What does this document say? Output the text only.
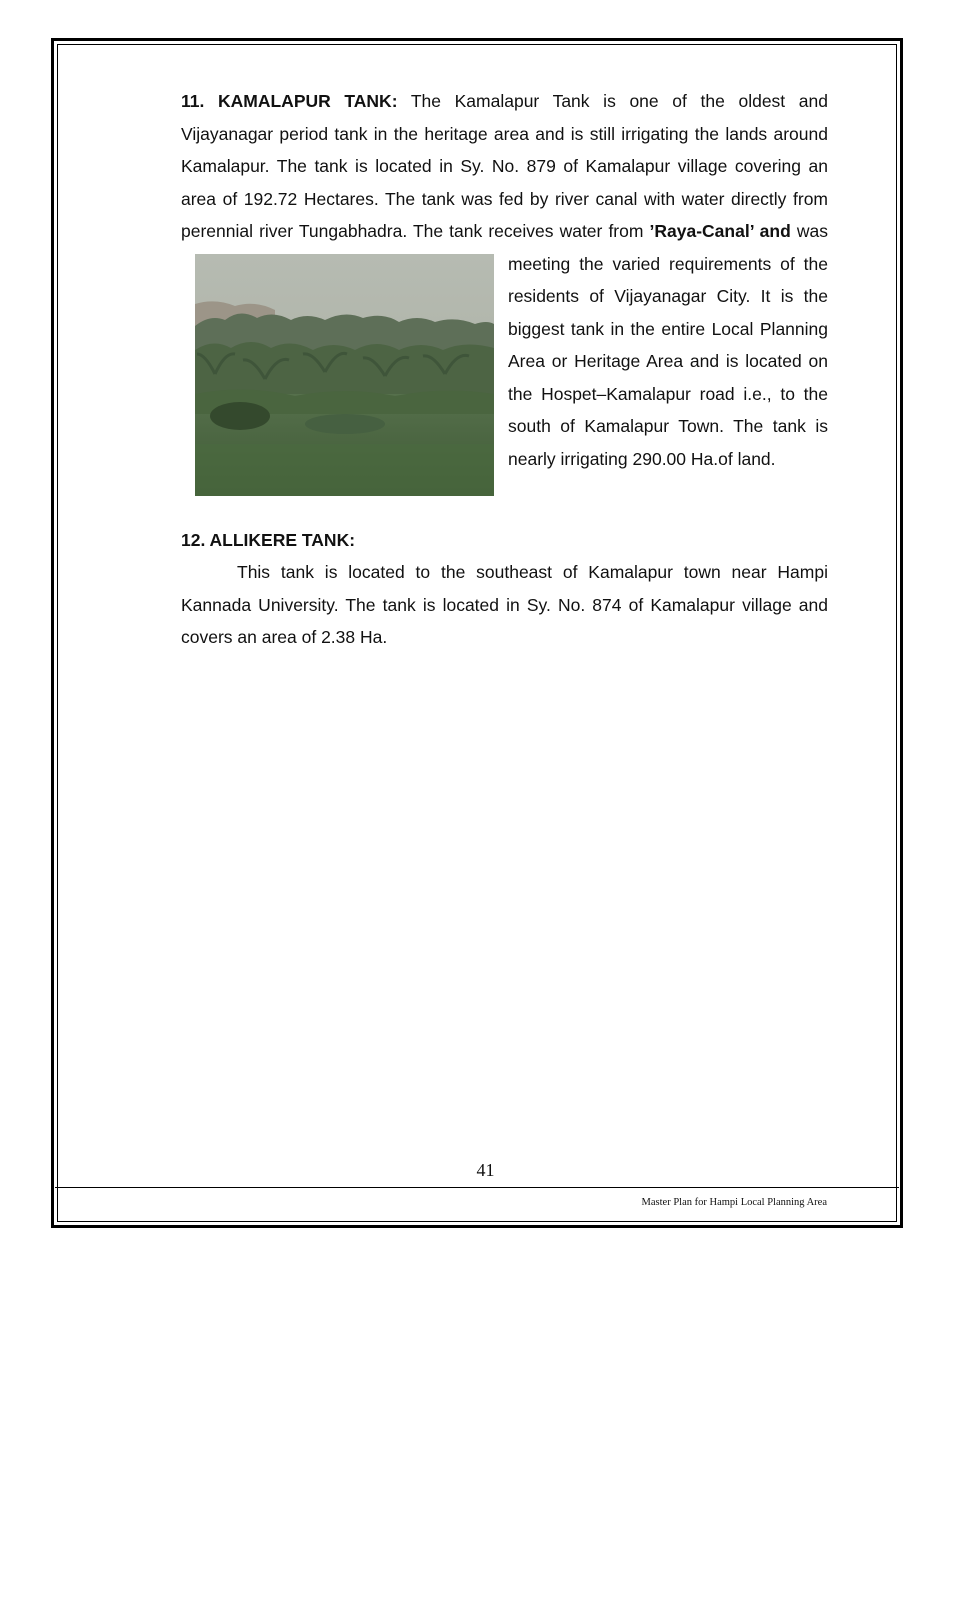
11. KAMALAPUR TANK: The Kamalapur Tank is one of the oldest and Vijayanagar period tank in the heritage area and is still irrigating the lands around Kamalapur. The tank is located in Sy. No. 879 of Kamalapur village covering an area of 192.72 Hectares. The tank was fed by river canal with water directly from perennial river Tungabhadra. The tank receives water from
’Raya-Canal’ and was meeting the varied requirements of the residents of Vijayanagar City. It is the biggest tank in the entire Local Planning Area or Heritage Area and is located on the Hospet–Kamalapur road i.e., to the south of Kamalapur Town. The tank is nearly irrigating 290.00 Ha.of land.

12. ALLIKERE TANK:

This tank is located to the southeast of Kamalapur town near Hampi Kannada University. The tank is located in Sy. No. 874 of Kamalapur village and covers an area of 2.38 Ha.

41
Master Plan for Hampi Local Planning Area
